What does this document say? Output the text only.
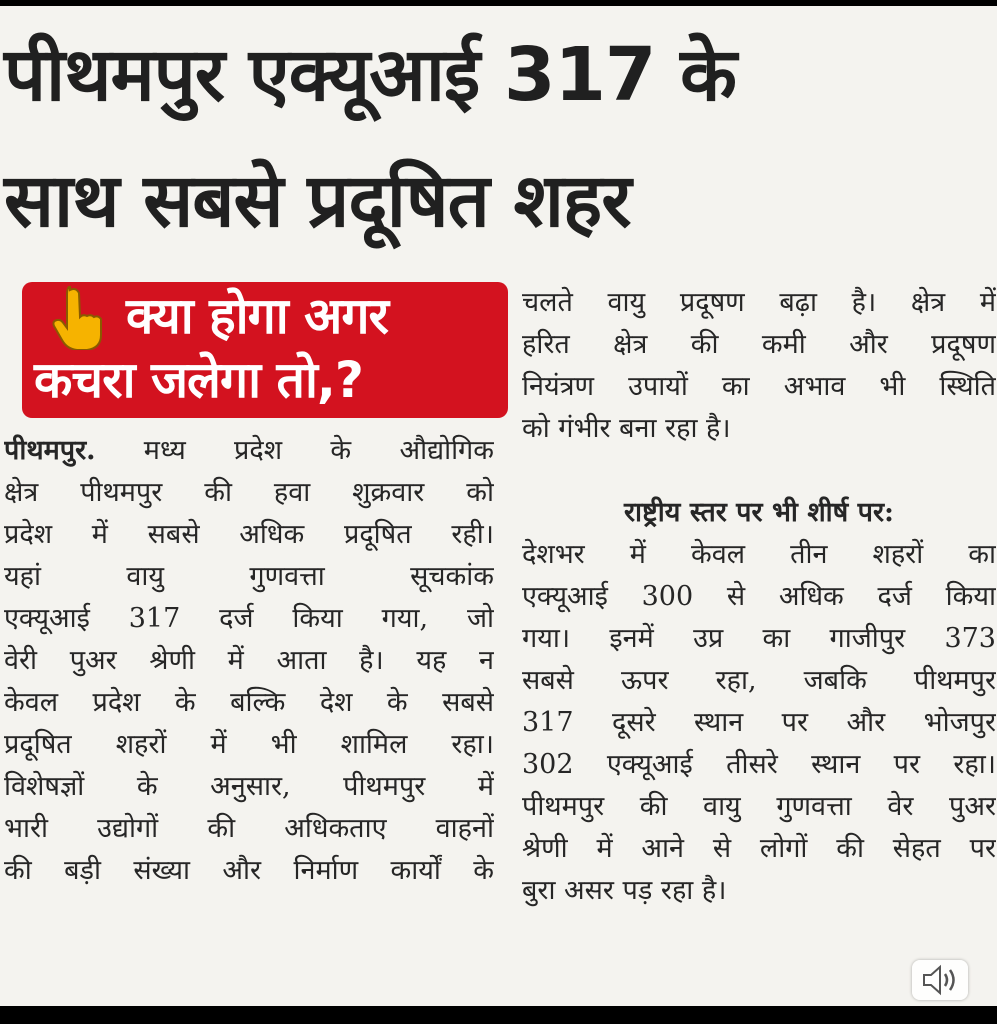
पीथमपुर एक्यूआई 317 के
साथ सबसे प्रदूषित शहर
क्या होगा अगर
कचरा जलेगा तो,?
पीथमपुर. मध्य प्रदेश के औद्योगिक
क्षेत्र पीथमपुर की हवा शुक्रवार को
प्रदेश में सबसे अधिक प्रदूषित रही।
यहां वायु गुणवत्ता सूचकांक
एक्यूआई 317 दर्ज किया गया, जो
वेरी पुअर श्रेणी में आता है। यह न
केवल प्रदेश के बल्कि देश के सबसे
प्रदूषित शहरों में भी शामिल रहा।
विशेषज्ञों के अनुसार, पीथमपुर में
भारी उद्योगों की अधिकताए वाहनों
की बड़ी संख्या और निर्माण कार्यों के
चलते वायु प्रदूषण बढ़ा है। क्षेत्र में
हरित क्षेत्र की कमी और प्रदूषण
नियंत्रण उपायों का अभाव भी स्थिति
को गंभीर बना रहा है।
राष्ट्रीय स्तर पर भी शीर्ष पर:
देशभर में केवल तीन शहरों का
एक्यूआई 300 से अधिक दर्ज किया
गया। इनमें उप्र का गाजीपुर 373
सबसे ऊपर रहा, जबकि पीथमपुर
317 दूसरे स्थान पर और भोजपुर
302 एक्यूआई तीसरे स्थान पर रहा।
पीथमपुर की वायु गुणवत्ता वेर पुअर
श्रेणी में आने से लोगों की सेहत पर
बुरा असर पड़ रहा है।
